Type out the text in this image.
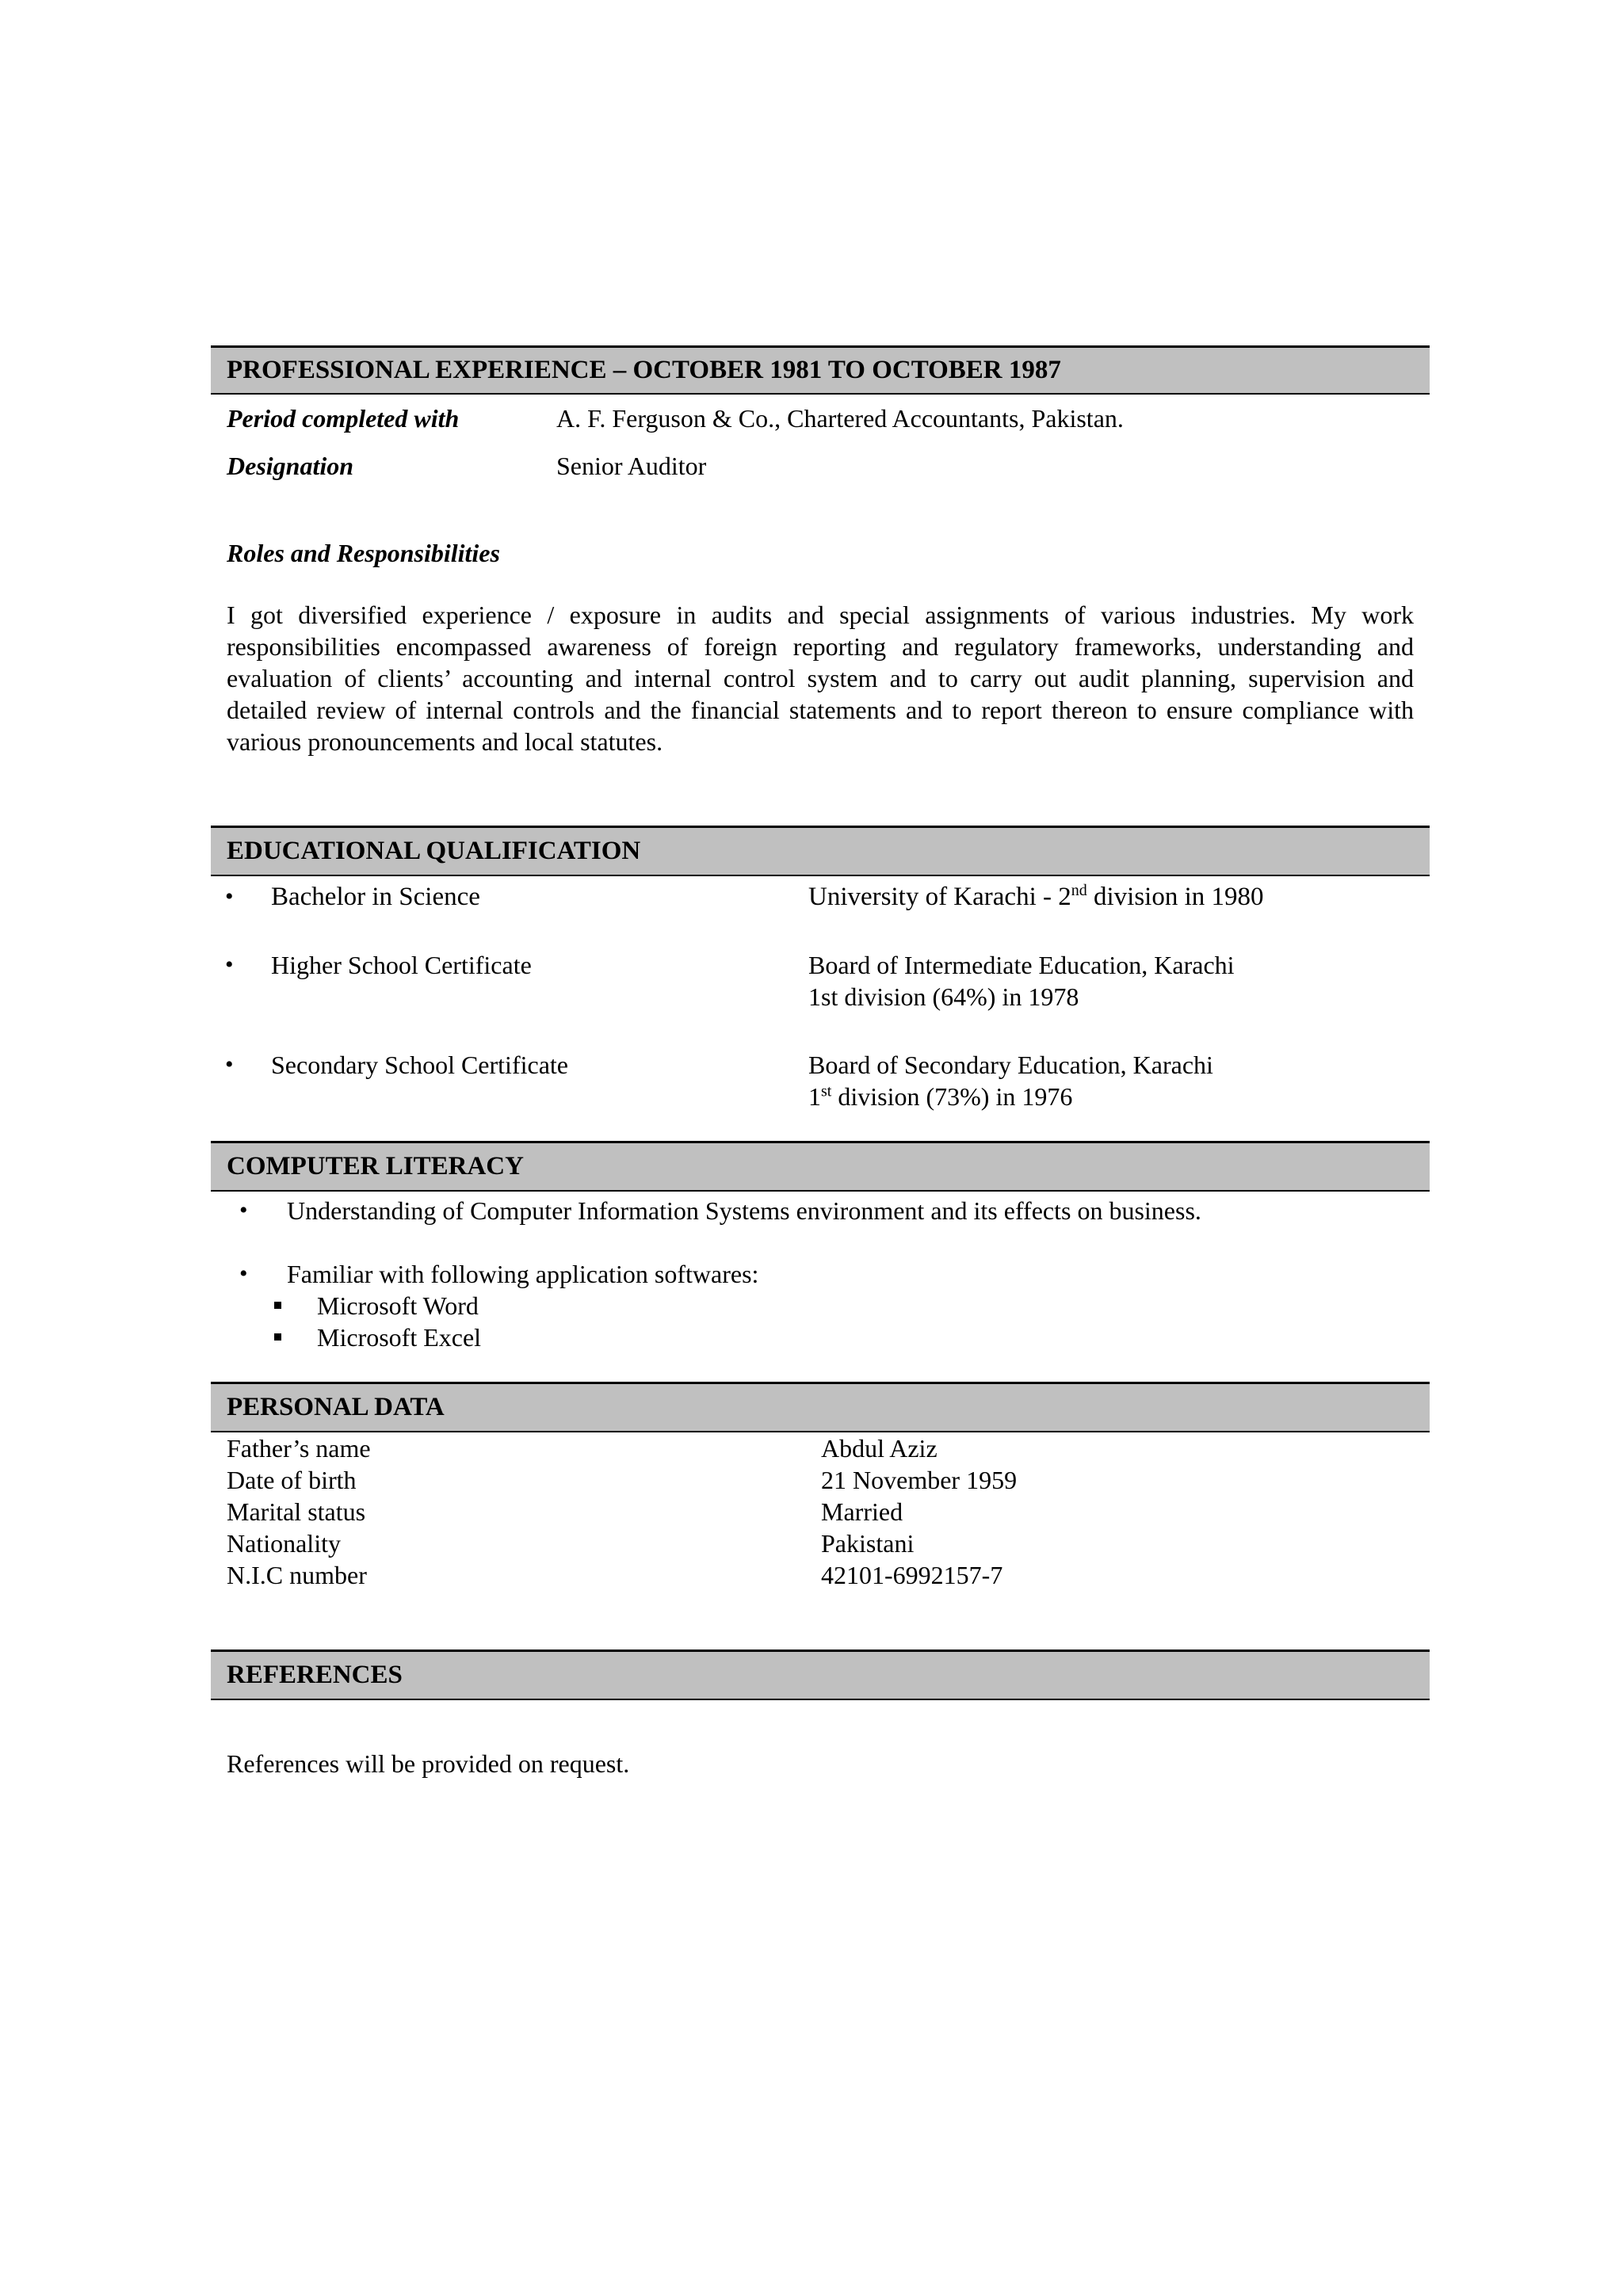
PROFESSIONAL EXPERIENCE – OCTOBER 1981 TO OCTOBER 1987
Period completed with	A. F. Ferguson & Co., Chartered Accountants, Pakistan.
Designation	Senior Auditor
Roles and Responsibilities
I got diversified experience / exposure in audits and special assignments of various industries. My work responsibilities encompassed awareness of foreign reporting and regulatory frameworks, understanding and evaluation of clients’ accounting and internal control system and to carry out audit planning, supervision and detailed review of internal controls and the financial statements and to report thereon to ensure compliance with various pronouncements and local statutes.
EDUCATIONAL QUALIFICATION
• Bachelor in Science	University of Karachi - 2nd division in 1980
• Higher School Certificate	Board of Intermediate Education, Karachi
1st division (64%) in 1978
• Secondary School Certificate	Board of Secondary Education, Karachi
1st division (73%) in 1976
COMPUTER LITERACY
• Understanding of Computer Information Systems environment and its effects on business.
• Familiar with following application softwares:
Microsoft Word
Microsoft Excel
PERSONAL DATA
Father’s name	Abdul Aziz
Date of birth	21 November 1959
Marital status	Married
Nationality	Pakistani
N.I.C number	42101-6992157-7
REFERENCES
References will be provided on request.
